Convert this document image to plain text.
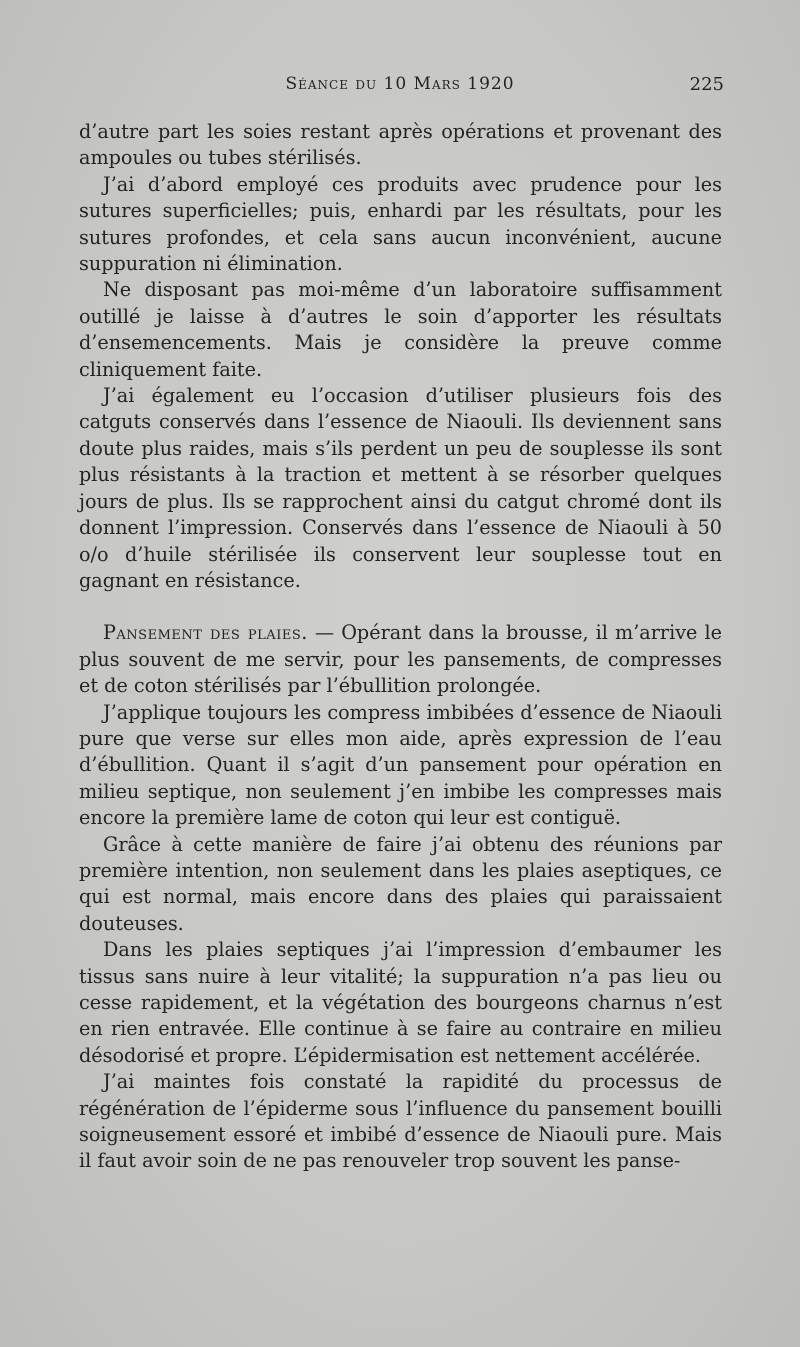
Séance du 10 Mars 1920	225

d’autre part les soies restant après opérations et provenant des ampoules ou tubes stérilisés.

J’ai d’abord employé ces produits avec prudence pour les sutures superficielles; puis, enhardi par les résultats, pour les sutures profondes, et cela sans aucun inconvénient, aucune suppuration ni élimination.

Ne disposant pas moi-même d’un laboratoire suffisamment outillé je laisse à d’autres le soin d’apporter les résultats d’ensemencements. Mais je considère la preuve comme cliniquement faite.

J’ai également eu l’occasion d’utiliser plusieurs fois des catguts conservés dans l’essence de Niaouli. Ils deviennent sans doute plus raides, mais s’ils perdent un peu de souplesse ils sont plus résistants à la traction et mettent à se résorber quelques jours de plus. Ils se rapprochent ainsi du catgut chromé dont ils donnent l’impression. Conservés dans l’essence de Niaouli à 50 o/o d’huile stérilisée ils conservent leur souplesse tout en gagnant en résistance.

Pansement des plaies. — Opérant dans la brousse, il m’arrive le plus souvent de me servir, pour les pansements, de compresses et de coton stérilisés par l’ébullition prolongée.

J’applique toujours les compress imbibées d’essence de Niaouli pure que verse sur elles mon aide, après expression de l’eau d’ébullition. Quant il s’agit d’un pansement pour opération en milieu septique, non seulement j’en imbibe les compresses mais encore la première lame de coton qui leur est contiguë.

Grâce à cette manière de faire j’ai obtenu des réunions par première intention, non seulement dans les plaies aseptiques, ce qui est normal, mais encore dans des plaies qui paraissaient douteuses.

Dans les plaies septiques j’ai l’impression d’embaumer les tissus sans nuire à leur vitalité; la suppuration n’a pas lieu ou cesse rapidement, et la végétation des bourgeons charnus n’est en rien entravée. Elle continue à se faire au contraire en milieu désodorisé et propre. L’épidermisation est nettement accélérée.

J’ai maintes fois constaté la rapidité du processus de régénération de l’épiderme sous l’influence du pansement bouilli soigneusement essoré et imbibé d’essence de Niaouli pure. Mais il faut avoir soin de ne pas renouveler trop souvent les panse-
